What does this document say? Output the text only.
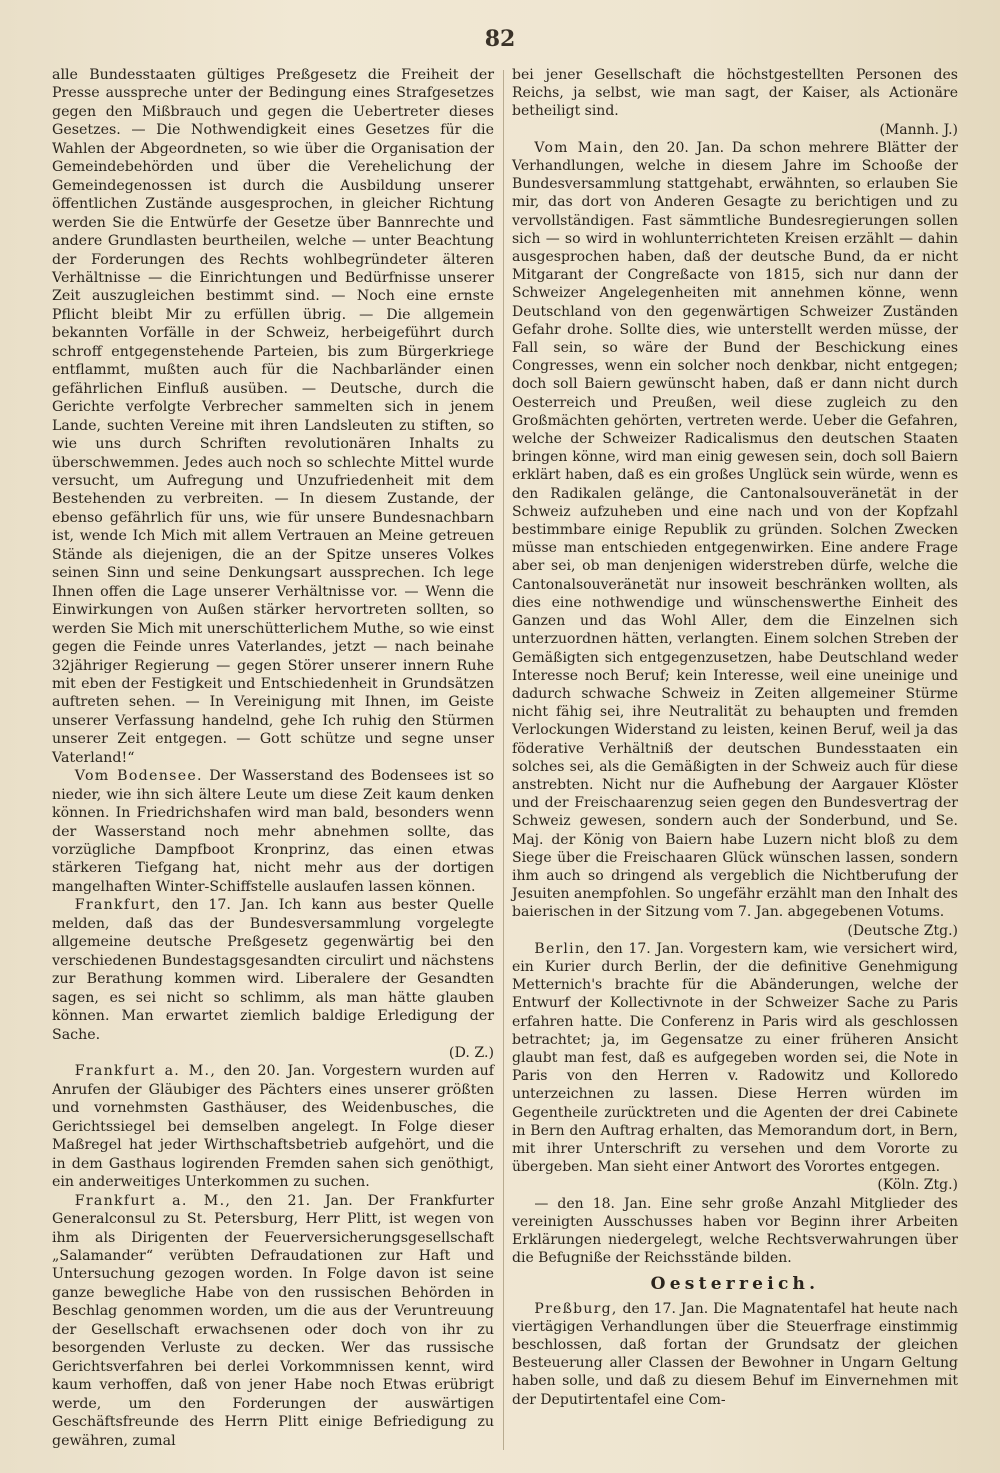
82

alle Bundesstaaten gültiges Preßgesetz die Freiheit der Presse ausspreche unter der Bedingung eines Strafgesetzes gegen den Mißbrauch und gegen die Uebertreter dieses Gesetzes. — Die Nothwendigkeit eines Gesetzes für die Wahlen der Abgeordneten, so wie über die Organisation der Gemeindebehörden und über die Verehelichung der Gemeindegenossen ist durch die Ausbildung unserer öffentlichen Zustände ausgesprochen, in gleicher Richtung werden Sie die Entwürfe der Gesetze über Bannrechte und andere Grundlasten beurtheilen, welche — unter Beachtung der Forderungen des Rechts wohlbegründeter älteren Verhältnisse — die Einrichtungen und Bedürfnisse unserer Zeit auszugleichen bestimmt sind. — Noch eine ernste Pflicht bleibt Mir zu erfüllen übrig. — Die allgemein bekannten Vorfälle in der Schweiz, herbeigeführt durch schroff entgegenstehende Parteien, bis zum Bürgerkriege entflammt, mußten auch für die Nachbarländer einen gefährlichen Einfluß ausüben. — Deutsche, durch die Gerichte verfolgte Verbrecher sammelten sich in jenem Lande, suchten Vereine mit ihren Landsleuten zu stiften, so wie uns durch Schriften revolutionären Inhalts zu überschwemmen. Jedes auch noch so schlechte Mittel wurde versucht, um Aufregung und Unzufriedenheit mit dem Bestehenden zu verbreiten. — In diesem Zustande, der ebenso gefährlich für uns, wie für unsere Bundesnachbarn ist, wende Ich Mich mit allem Vertrauen an Meine getreuen Stände als diejenigen, die an der Spitze unseres Volkes seinen Sinn und seine Denkungsart aussprechen. Ich lege Ihnen offen die Lage unserer Verhältnisse vor. — Wenn die Einwirkungen von Außen stärker hervortreten sollten, so werden Sie Mich mit unerschütterlichem Muthe, so wie einst gegen die Feinde unres Vaterlandes, jetzt — nach beinahe 32jähriger Regierung — gegen Störer unserer innern Ruhe mit eben der Festigkeit und Entschiedenheit in Grundsätzen auftreten sehen. — In Vereinigung mit Ihnen, im Geiste unserer Verfassung handelnd, gehe Ich ruhig den Stürmen unserer Zeit entgegen. — Gott schütze und segne unser Vaterland!“

Vom Bodensee. Der Wasserstand des Bodensees ist so nieder, wie ihn sich ältere Leute um diese Zeit kaum denken können. In Friedrichshafen wird man bald, besonders wenn der Wasserstand noch mehr abnehmen sollte, das vorzügliche Dampfboot Kronprinz, das einen etwas stärkeren Tiefgang hat, nicht mehr aus der dortigen mangelhaften Winter-Schiffstelle auslaufen lassen können.

Frankfurt, den 17. Jan. Ich kann aus bester Quelle melden, daß das der Bundesversammlung vorgelegte allgemeine deutsche Preßgesetz gegenwärtig bei den verschiedenen Bundestagsgesandten circulirt und nächstens zur Berathung kommen wird. Liberalere der Gesandten sagen, es sei nicht so schlimm, als man hätte glauben können. Man erwartet ziemlich baldige Erledigung der Sache.
(D. Z.)

Frankfurt a. M., den 20. Jan. Vorgestern wurden auf Anrufen der Gläubiger des Pächters eines unserer größten und vornehmsten Gasthäuser, des Weidenbusches, die Gerichtssiegel bei demselben angelegt. In Folge dieser Maßregel hat jeder Wirthschaftsbetrieb aufgehört, und die in dem Gasthaus logirenden Fremden sahen sich genöthigt, ein anderweitiges Unterkommen zu suchen.

Frankfurt a. M., den 21. Jan. Der Frankfurter Generalconsul zu St. Petersburg, Herr Plitt, ist wegen von ihm als Dirigenten der Feuerversicherungsgesellschaft „Salamander“ verübten Defraudationen zur Haft und Untersuchung gezogen worden. In Folge davon ist seine ganze bewegliche Habe von den russischen Behörden in Beschlag genommen worden, um die aus der Veruntreuung der Gesellschaft erwachsenen oder doch von ihr zu besorgenden Verluste zu decken. Wer das russische Gerichtsverfahren bei derlei Vorkommnissen kennt, wird kaum verhoffen, daß von jener Habe noch Etwas erübrigt werde, um den Forderungen der auswärtigen Geschäftsfreunde des Herrn Plitt einige Befriedigung zu gewähren, zumal

bei jener Gesellschaft die höchstgestellten Personen des Reichs, ja selbst, wie man sagt, der Kaiser, als Actionäre betheiligt sind.
(Mannh. J.)

Vom Main, den 20. Jan. Da schon mehrere Blätter der Verhandlungen, welche in diesem Jahre im Schooße der Bundesversammlung stattgehabt, erwähnten, so erlauben Sie mir, das dort von Anderen Gesagte zu berichtigen und zu vervollständigen. Fast sämmtliche Bundesregierungen sollen sich — so wird in wohlunterrichteten Kreisen erzählt — dahin ausgesprochen haben, daß der deutsche Bund, da er nicht Mitgarant der Congreßacte von 1815, sich nur dann der Schweizer Angelegenheiten mit annehmen könne, wenn Deutschland von den gegenwärtigen Schweizer Zuständen Gefahr drohe. Sollte dies, wie unterstellt werden müsse, der Fall sein, so wäre der Bund der Beschickung eines Congresses, wenn ein solcher noch denkbar, nicht entgegen; doch soll Baiern gewünscht haben, daß er dann nicht durch Oesterreich und Preußen, weil diese zugleich zu den Großmächten gehörten, vertreten werde. Ueber die Gefahren, welche der Schweizer Radicalismus den deutschen Staaten bringen könne, wird man einig gewesen sein, doch soll Baiern erklärt haben, daß es ein großes Unglück sein würde, wenn es den Radikalen gelänge, die Cantonalsouveränetät in der Schweiz aufzuheben und eine nach und von der Kopfzahl bestimmbare einige Republik zu gründen. Solchen Zwecken müsse man entschieden entgegenwirken. Eine andere Frage aber sei, ob man denjenigen widerstreben dürfe, welche die Cantonalsouveränetät nur insoweit beschränken wollten, als dies eine nothwendige und wünschenswerthe Einheit des Ganzen und das Wohl Aller, dem die Einzelnen sich unterzuordnen hätten, verlangten. Einem solchen Streben der Gemäßigten sich entgegenzusetzen, habe Deutschland weder Interesse noch Beruf; kein Interesse, weil eine uneinige und dadurch schwache Schweiz in Zeiten allgemeiner Stürme nicht fähig sei, ihre Neutralität zu behaupten und fremden Verlockungen Widerstand zu leisten, keinen Beruf, weil ja das föderative Verhältniß der deutschen Bundesstaaten ein solches sei, als die Gemäßigten in der Schweiz auch für diese anstrebten. Nicht nur die Aufhebung der Aargauer Klöster und der Freischaarenzug seien gegen den Bundesvertrag der Schweiz gewesen, sondern auch der Sonderbund, und Se. Maj. der König von Baiern habe Luzern nicht bloß zu dem Siege über die Freischaaren Glück wünschen lassen, sondern ihm auch so dringend als vergeblich die Nichtberufung der Jesuiten anempfohlen. So ungefähr erzählt man den Inhalt des baierischen in der Sitzung vom 7. Jan. abgegebenen Votums.
(Deutsche Ztg.)

Berlin, den 17. Jan. Vorgestern kam, wie versichert wird, ein Kurier durch Berlin, der die definitive Genehmigung Metternich's brachte für die Abänderungen, welche der Entwurf der Kollectivnote in der Schweizer Sache zu Paris erfahren hatte. Die Conferenz in Paris wird als geschlossen betrachtet; ja, im Gegensatze zu einer früheren Ansicht glaubt man fest, daß es aufgegeben worden sei, die Note in Paris von den Herren v. Radowitz und Kolloredo unterzeichnen zu lassen. Diese Herren würden im Gegentheile zurücktreten und die Agenten der drei Cabinete in Bern den Auftrag erhalten, das Memorandum dort, in Bern, mit ihrer Unterschrift zu versehen und dem Vororte zu übergeben. Man sieht einer Antwort des Vorortes entgegen.
(Köln. Ztg.)

— den 18. Jan. Eine sehr große Anzahl Mitglieder des vereinigten Ausschusses haben vor Beginn ihrer Arbeiten Erklärungen niedergelegt, welche Rechtsverwahrungen über die Befugniße der Reichsstände bilden.

Oesterreich.

Preßburg, den 17. Jan. Die Magnatentafel hat heute nach viertägigen Verhandlungen über die Steuerfrage einstimmig beschlossen, daß fortan der Grundsatz der gleichen Besteuerung aller Classen der Bewohner in Ungarn Geltung haben solle, und daß zu diesem Behuf im Einvernehmen mit der Deputirtentafel eine Com-
